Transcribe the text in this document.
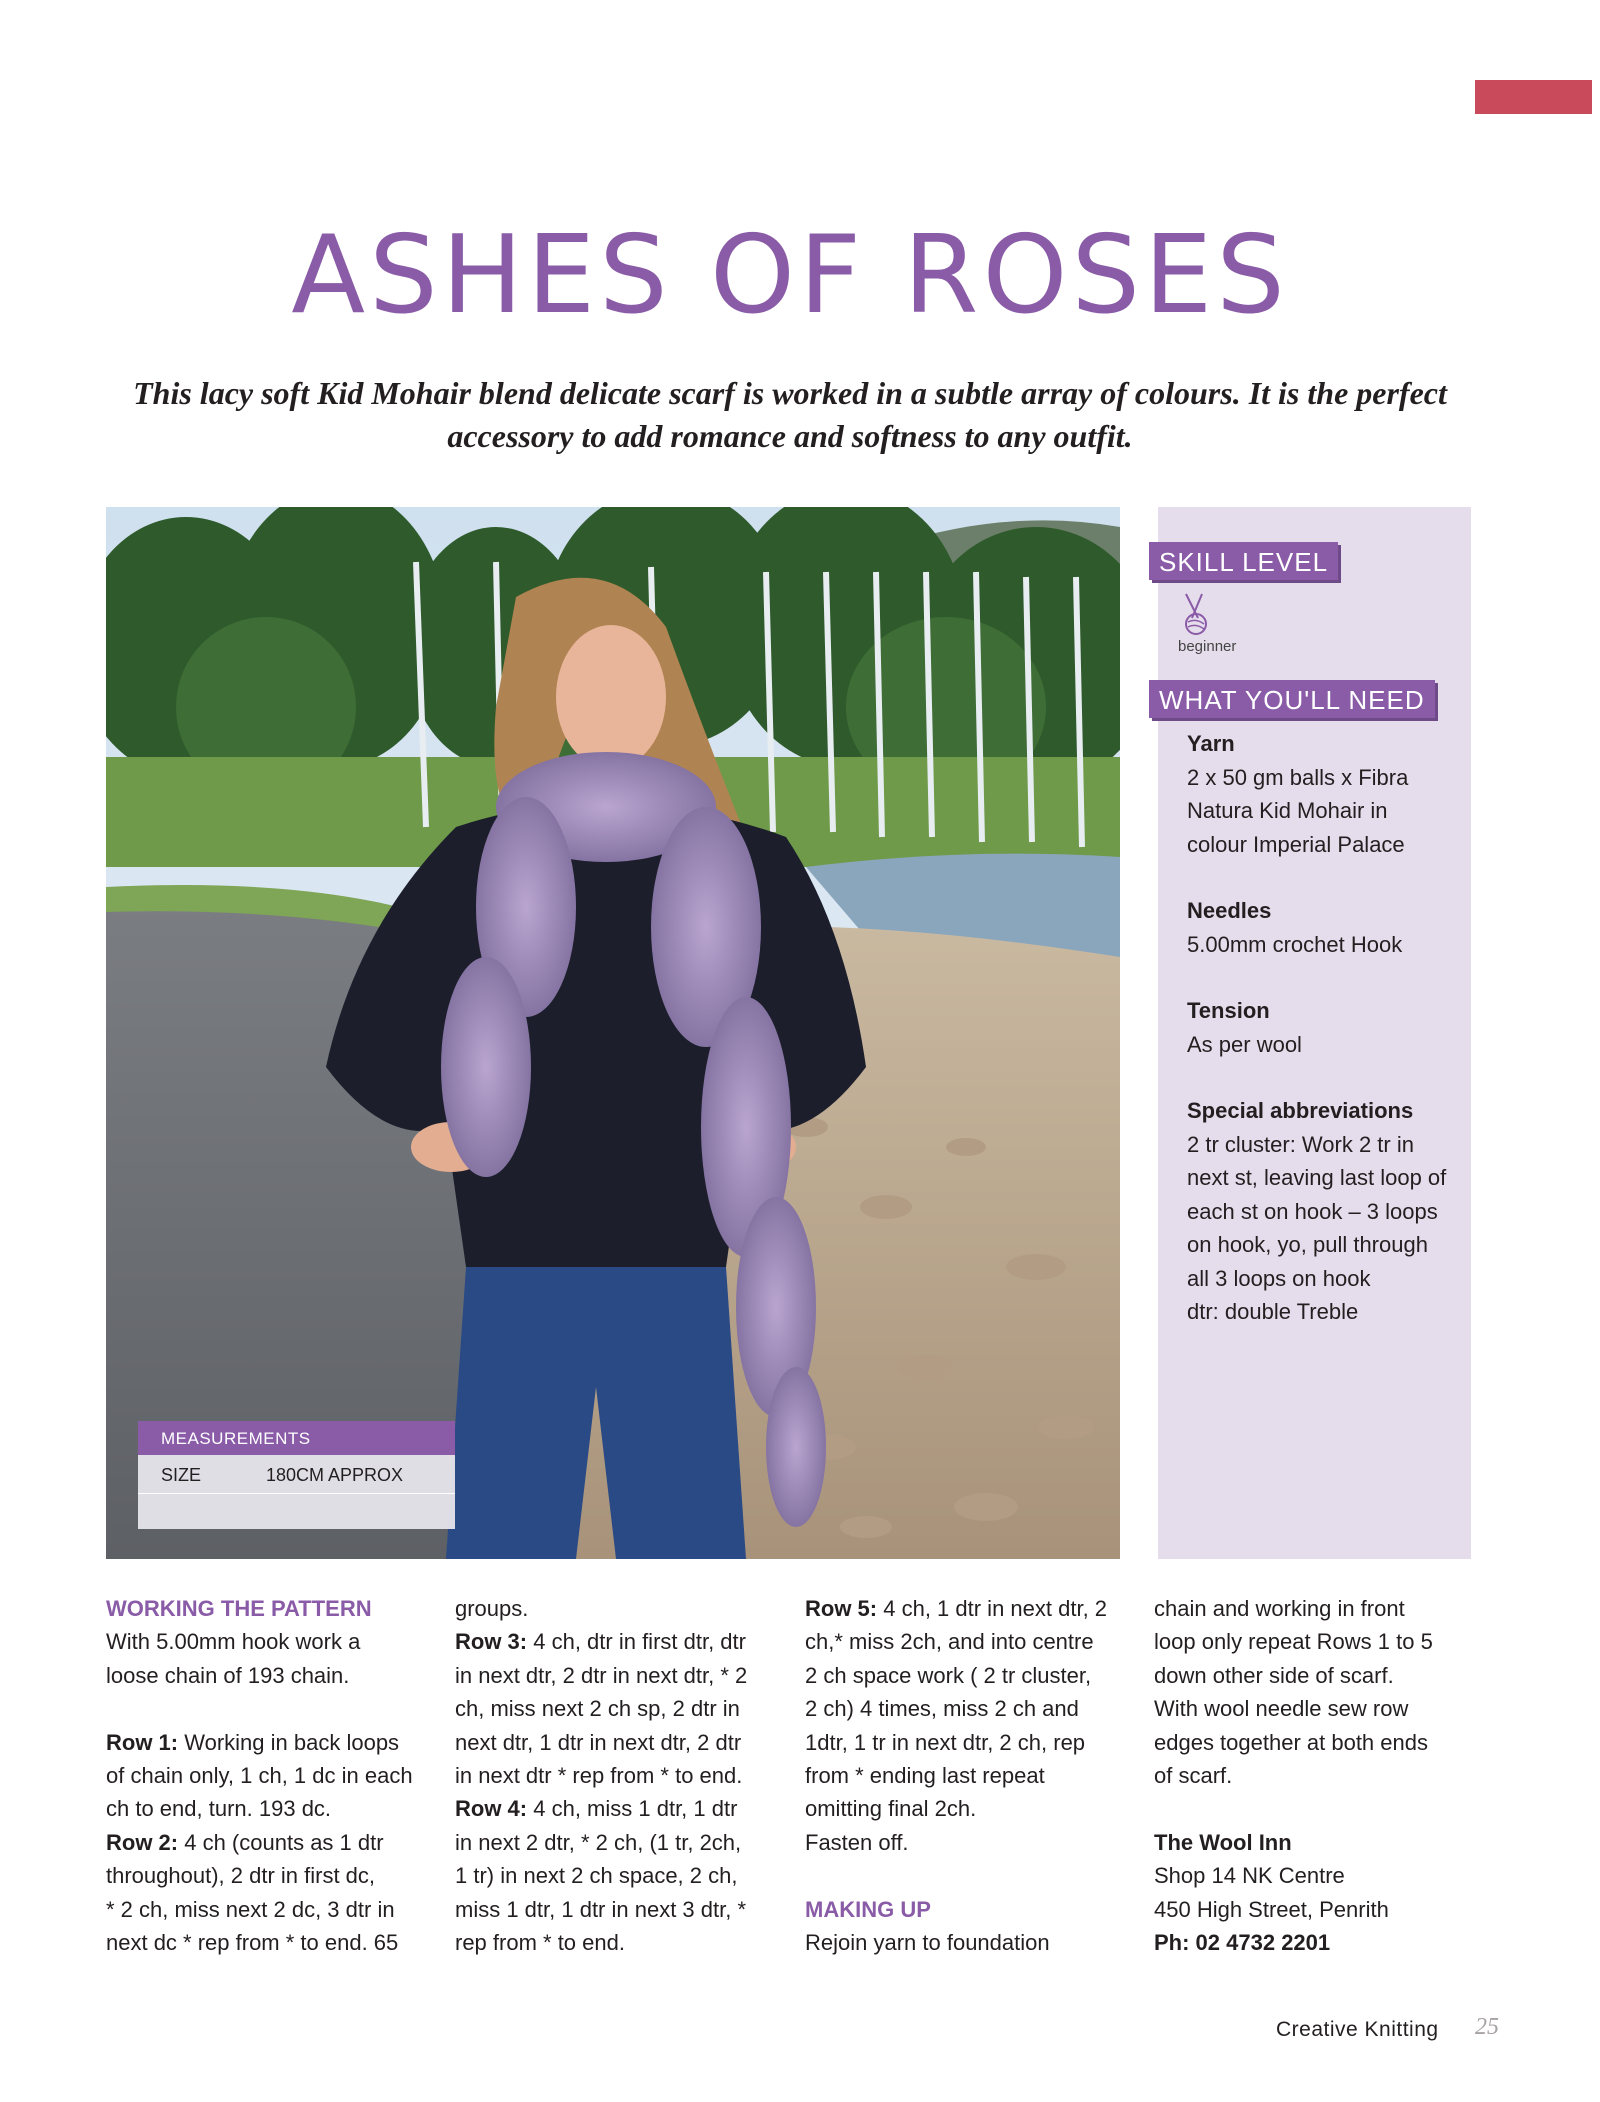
ASHES OF ROSES

This lacy soft Kid Mohair blend delicate scarf is worked in a subtle array of colours. It is the perfect accessory to add romance and softness to any outfit.

MEASUREMENTS
SIZE	180CM APPROX
SKILL LEVEL
beginner
WHAT YOU'LL NEED
Yarn
2 x 50 gm balls x Fibra
Natura Kid Mohair in
colour Imperial Palace
Needles
5.00mm crochet Hook
Tension
As per wool
Special abbreviations
2 tr cluster: Work 2 tr in
next st, leaving last loop of
each st on hook – 3 loops
on hook, yo, pull through
all 3 loops on hook
dtr: double Treble
WORKING THE PATTERN
With 5.00mm hook work a
loose chain of 193 chain.
Row 1: Working in back loops
of chain only, 1 ch, 1 dc in each
ch to end, turn. 193 dc.
Row 2: 4 ch (counts as 1 dtr
throughout), 2 dtr in first dc,
* 2 ch, miss next 2 dc, 3 dtr in
next dc * rep from * to end. 65
groups.
Row 3: 4 ch, dtr in first dtr, dtr
in next dtr, 2 dtr in next dtr, * 2
ch, miss next 2 ch sp, 2 dtr in
next dtr, 1 dtr in next dtr, 2 dtr
in next dtr * rep from * to end.
Row 4: 4 ch, miss 1 dtr, 1 dtr
in next 2 dtr, * 2 ch, (1 tr, 2ch,
1 tr) in next 2 ch space, 2 ch,
miss 1 dtr, 1 dtr in next 3 dtr, *
rep from * to end.
Row 5: 4 ch, 1 dtr in next dtr, 2
ch,* miss 2ch, and into centre
2 ch space work ( 2 tr cluster,
2 ch) 4 times, miss 2 ch and
1dtr, 1 tr in next dtr, 2 ch, rep
from * ending last repeat
omitting final 2ch.
Fasten off.
MAKING UP
Rejoin yarn to foundation
chain and working in front
loop only repeat Rows 1 to 5
down other side of scarf.
With wool needle sew row
edges together at both ends
of scarf.
The Wool Inn
Shop 14 NK Centre
450 High Street, Penrith
Ph: 02 4732 2201
Creative Knitting 25
